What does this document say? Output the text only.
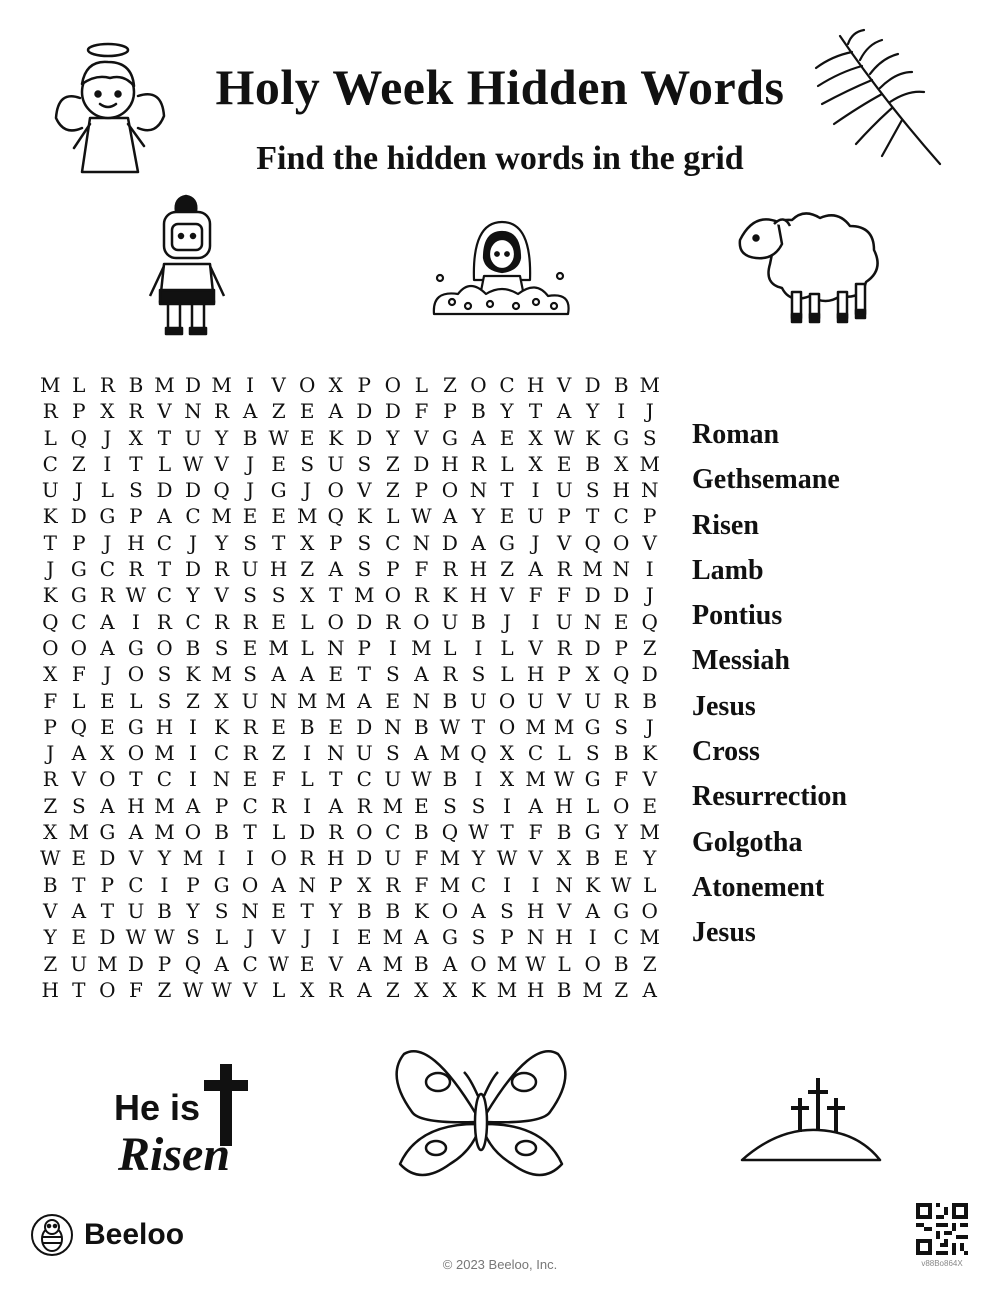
Holy Week Hidden Words
Find the hidden words in the grid
M L R B M D M I V O X P O L Z O C H V D B M
R P X R V N R A Z E A D D F P B Y T A Y I	J
L Q J X T U Y B W E K D Y V G A E X W K G S
C Z I T L W V J E S U S Z D H R L X E B X M
U J L S D D Q J G J O V Z P O N T I U S H N
K D G P A C M E E M Q K L W A Y E U P T C P
T P J H C J Y S T X P S C N D A G J V Q O V
J G C R T D R U H Z A S P F R H Z A R M N I
K G R W C Y V S S X T M O R K H V F F D D J
Q C A I R C R R E L O D R O U B J	I U N E Q
O O A G O B S E M L N P I M L I L V R D P Z
X F J O S K M S A A E T S A R S L H P X Q D
F L E L S Z X U N M M A E N B U O U V U R B
P Q E G H I K R E B E D N B W T O M M G S J
J A X O M I C R Z I N U S A M Q X C L S B K
R V O T C I N E F L T C U W B I X M W G F V
Z S A H M A P C R I A R M E S S I A H L O E
X M G A M O B T L D R O C B Q W T F B G Y M
W E D V Y M I	I O R H D U F M Y W V X B E Y
B T P C I P G O A N P X R F M C I	I N K W L
V A T U B Y S N E T Y B B K O A S H V A G O
Y E D W W S L J V J	I E M A G S P N H I C M
Z U M D P Q A C W E V A M B A O M W L O B Z
H T O F Z W W V L X R A Z X X K M H B M Z A
Roman
Gethsemane
Risen
Lamb
Pontius
Messiah
Jesus
Cross
Resurrection
Golgotha
Atonement
Jesus
He is
Risen
Beeloo
© 2023 Beeloo, Inc.	v88Bo864X
